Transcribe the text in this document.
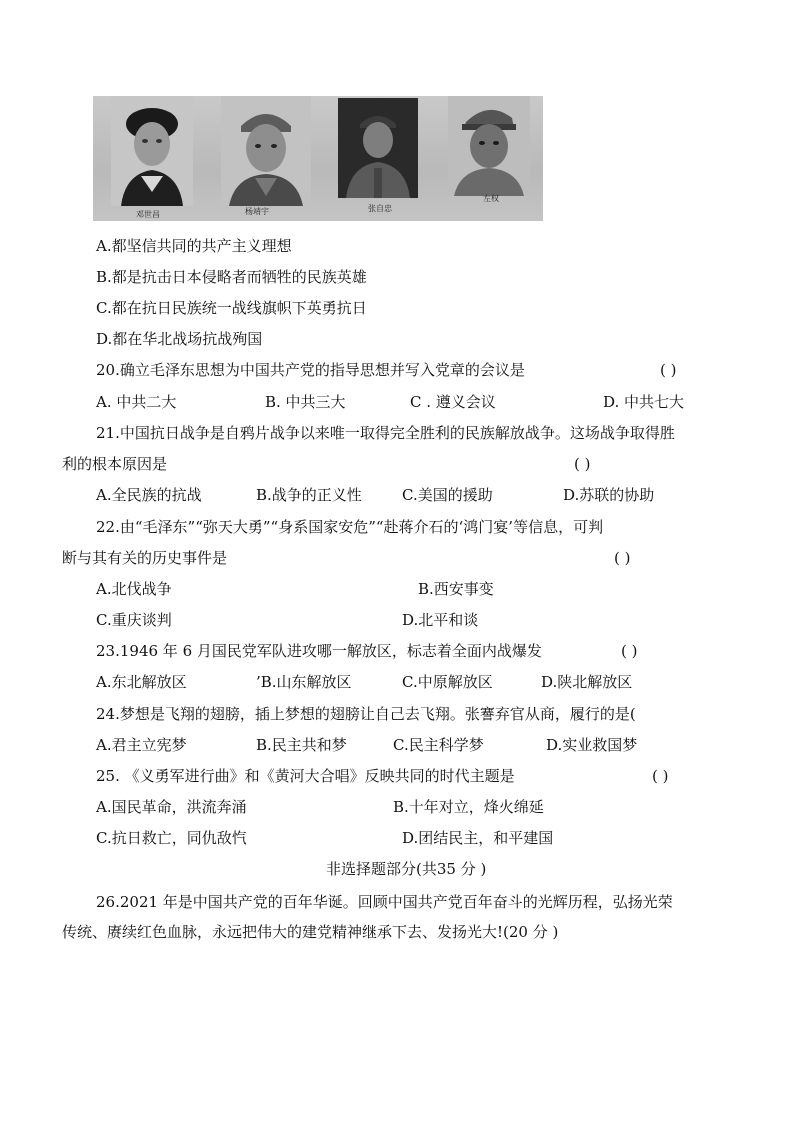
邓世昌	杨靖宇	张自忠
左权
A.都坚信共同的共产主义理想
B.都是抗击日本侵略者而牺牲的民族英雄
C.都在抗日民族统一战线旗帜下英勇抗日
D.都在华北战场抗战殉国
20.确立毛泽东思想为中国共产党的指导思想并写入党章的会议是	( )
A. 中共二大	B. 中共三大	C . 遵义会议	D. 中共七大
21.中国抗日战争是自鸦片战争以来唯一取得完全胜利的民族解放战争。这场战争取得胜
利的根本原因是	( )
A.全民族的抗战	B.战争的正义性	C.美国的援助	D.苏联的协助
22.由“毛泽东”“弥天大勇”“身系国家安危”“赴蒋介石的‘鸿门宴’等信息，可判
断与其有关的历史事件是	( )
A.北伐战争	B.西安事变
C.重庆谈判	D.北平和谈
23.1946 年 6 月国民党军队进攻哪一解放区，标志着全面内战爆发	( )
A.东北解放区	’B.山东解放区	C.中原解放区	D.陕北解放区
24.梦想是飞翔的翅膀，插上梦想的翅膀让自己去飞翔。张謇弃官从商，履行的是(
A.君主立宪梦	B.民主共和梦	C.民主科学梦	D.实业救国梦
25. 《义勇军进行曲》和《黄河大合唱》反映共同的时代主题是	( )
A.国民革命，洪流奔涌	B.十年对立，烽火绵延
C.抗日救亡，同仇敌忾	D.团结民主，和平建国
非选择题部分(共35 分 )
26.2021 年是中国共产党的百年华诞。回顾中国共产党百年奋斗的光辉历程，弘扬光荣
传统、赓续红色血脉，永远把伟大的建党精神继承下去、发扬光大!(20 分 )
